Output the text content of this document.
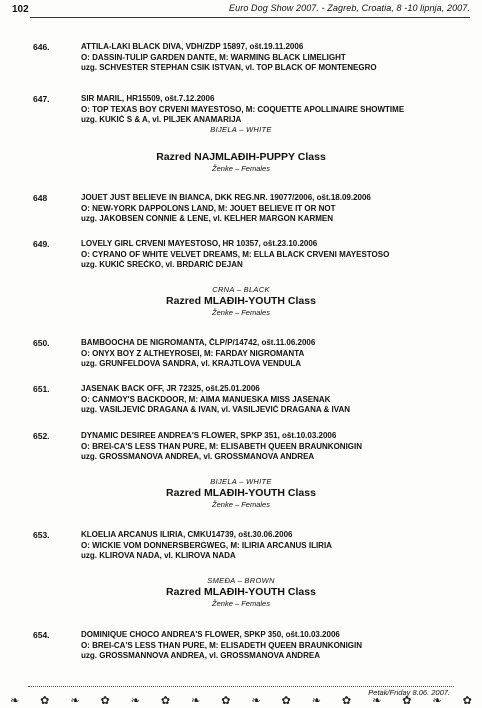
102	Euro Dog Show 2007. - Zagreb, Croatia, 8 -10 lipnja, 2007.
646.	ATTILA-LAKI BLACK DIVA, VDH/ZDP 15897, ošt.19.11.2006
O: DASSIN-TULIP GARDEN DANTE, M: WARMING BLACK LIMELIGHT
uzg. SCHVESTER STEPHAN CSIK ISTVAN, vl. TOP BLACK OF MONTENEGRO
647.	SIR MARIL, HR15509, ošt.7.12.2006
O: TOP TEXAS BOY CRVENI MAYESTOSO, M: COQUETTE APOLLINAIRE SHOWTIME
uzg. KUKIĆ S & A, vl. PILJEK ANAMARIJA
BIJELA – WHITE
Razred NAJMLAĐIH-PUPPY Class
Ženke – Females
648	JOUET JUST BELIEVE IN BIANCA, DKK REG.NR. 19077/2006, ošt.18.09.2006
O: NEW-YORK DAPPOLONS LAND, M: JOUET BELIEVE IT OR NOT
uzg. JAKOBSEN CONNIE & LENE, vl. KELHER MARGON KARMEN
649.	LOVELY GIRL CRVENI MAYESTOSO, HR 10357, ošt.23.10.2006
O: CYRANO OF WHITE VELVET DREAMS, M: ELLA BLACK CRVENI MAYESTOSO
uzg. KUKIĆ SREĆKO, vl. BRDARIĆ DEJAN
CRNA – BLACK
Razred MLAĐIH-YOUTH Class
Ženke – Females
650.	BAMBOOCHA DE NIGROMANTA, ČLP/P/14742, ošt.11.06.2006
O: ONYX BOY Z ALTHEYROSEI, M: FARDAY NIGROMANTA
uzg. GRUNFELDOVA SANDRA, vl. KRAJTLOVA VENDULA
651.	JASENAK BACK OFF, JR 72325, ošt.25.01.2006
O: CANMOY'S BACKDOOR, M: AIMA MANUESKA MISS JASENAK
uzg. VASILJEVIĆ DRAGANA & IVAN, vl. VASILJEVIĆ DRAGANA & IVAN
652.	DYNAMIC DESIREE ANDREA'S FLOWER, SPKP 351, ošt.10.03.2006
O: BREI-CA'S LESS THAN PURE, M: ELISABETH QUEEN BRAUNKONIGIN
uzg. GROSSMANOVA ANDREA, vl. GROSSMANOVA ANDREA
BIJELA – WHITE
Razred MLAĐIH-YOUTH Class
Ženke – Females
653.	KLOELIA ARCANUS ILIRIA, CMKU14739, ošt.30.06.2006
O: WICKIE VOM DONNERSBERGWEG, M: ILIRIA ARCANUS ILIRIA
uzg. KLIROVA NADA, vl. KLIROVA NADA
SMEĐA – BROWN
Razred MLAĐIH-YOUTH Class
Ženke – Females
654.	DOMINIQUE CHOCO ANDREA'S FLOWER, SPKP 350, ošt.10.03.2006
O: BREI-CA'S LESS THAN PURE, M: ELISADETH QUEEN BRAUNKONIGIN
uzg. GROSSMANNOVA ANDREA, vl. GROSSMANOVA ANDREA
Petak/Friday 8.06. 2007.
❧ ✿ ❧ ✿ ❧ ✿ ❧ ✿ ❧ ✿ ❧ ✿ ❧ ✿ ❧ ✿
